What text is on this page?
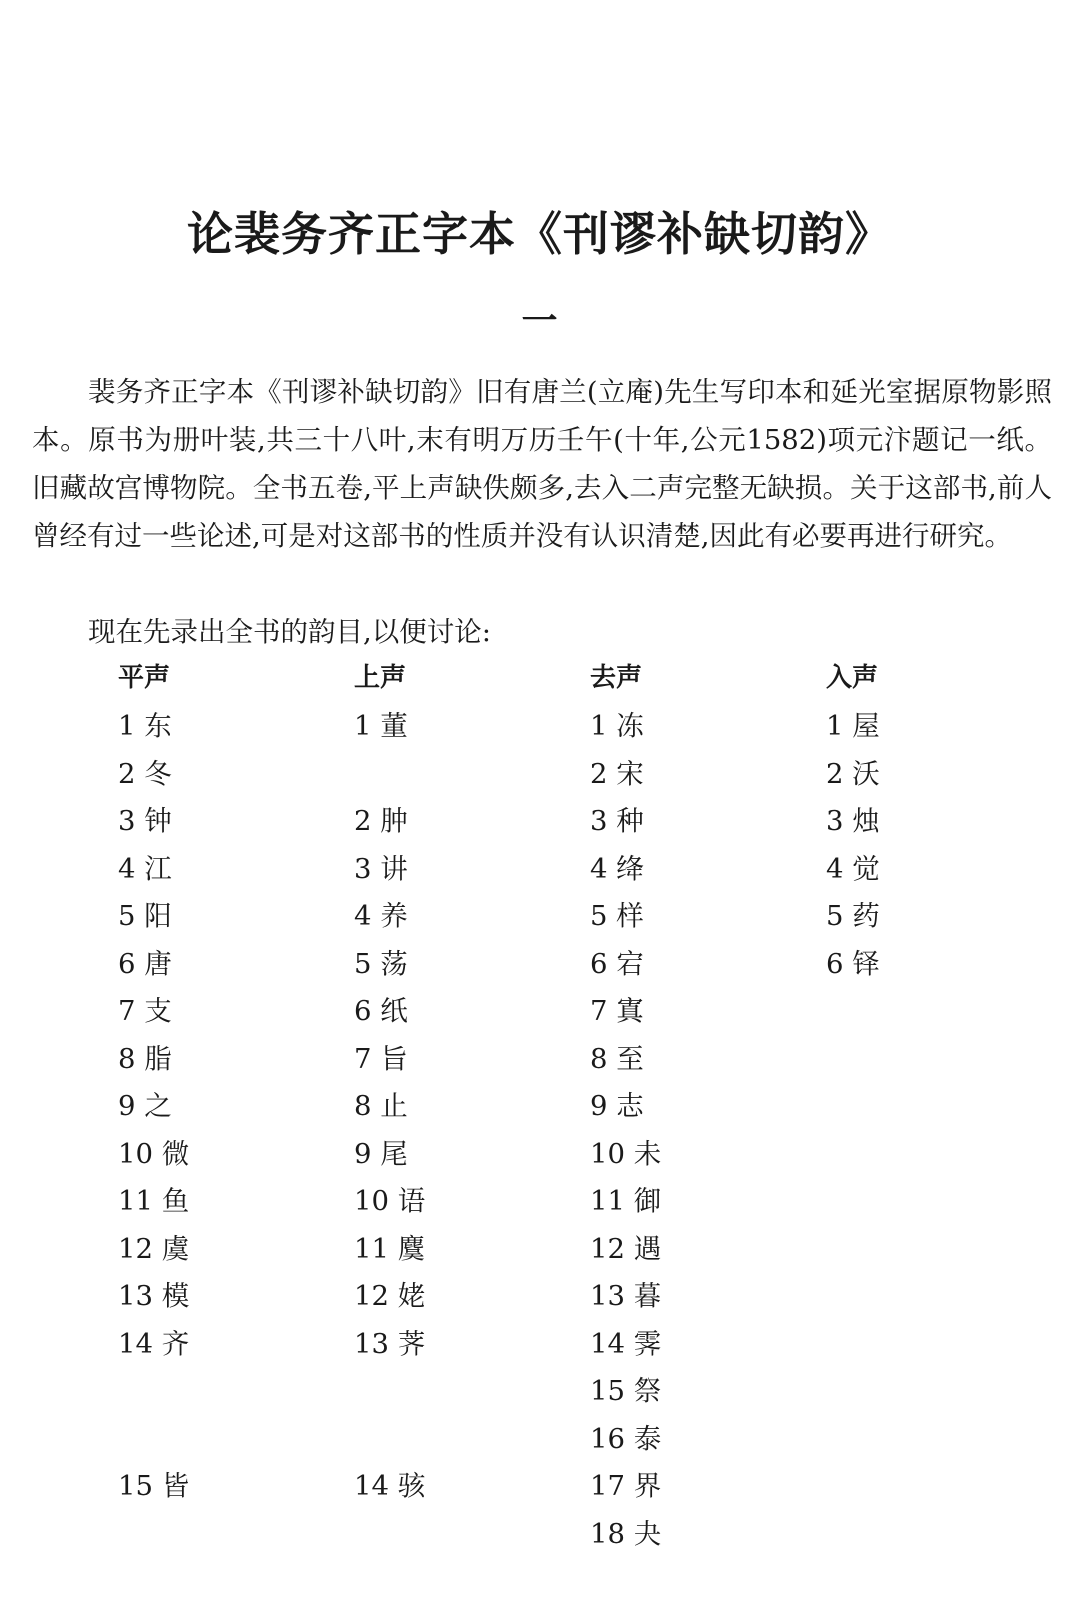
论裴务齐正字本《刊谬补缺切韵》
一

裴务齐正字本《刊谬补缺切韵》旧有唐兰(立庵)先生写印本和延光室据原物影照本。原书为册叶装,共三十八叶,末有明万历壬午(十年,公元1582)项元汴题记一纸。旧藏故宫博物院。全书五卷,平上声缺佚颇多,去入二声完整无缺损。关于这部书,前人曾经有过一些论述,可是对这部书的性质并没有认识清楚,因此有必要再进行研究。

现在先录出全书的韵目,以便讨论:

平声	上声	去声	入声
1 东	1 董	1 冻	1 屋
2 冬		2 宋	2 沃
3 钟	2 肿	3 种	3 烛
4 江	3 讲	4 绛	4 觉
5 阳	4 养	5 样	5 药
6 唐	5 荡	6 宕	6 铎
7 支	6 纸	7 寘	
8 脂	7 旨	8 至	
9 之	8 止	9 志	
10 微	9 尾	10 未	
11 鱼	10 语	11 御	
12 虞	11 麌	12 遇	
13 模	12 姥	13 暮	
14 齐	13 荠	14 霁	
		15 祭	
		16 泰	
15 皆	14 骇	17 界	
		18 夬	
